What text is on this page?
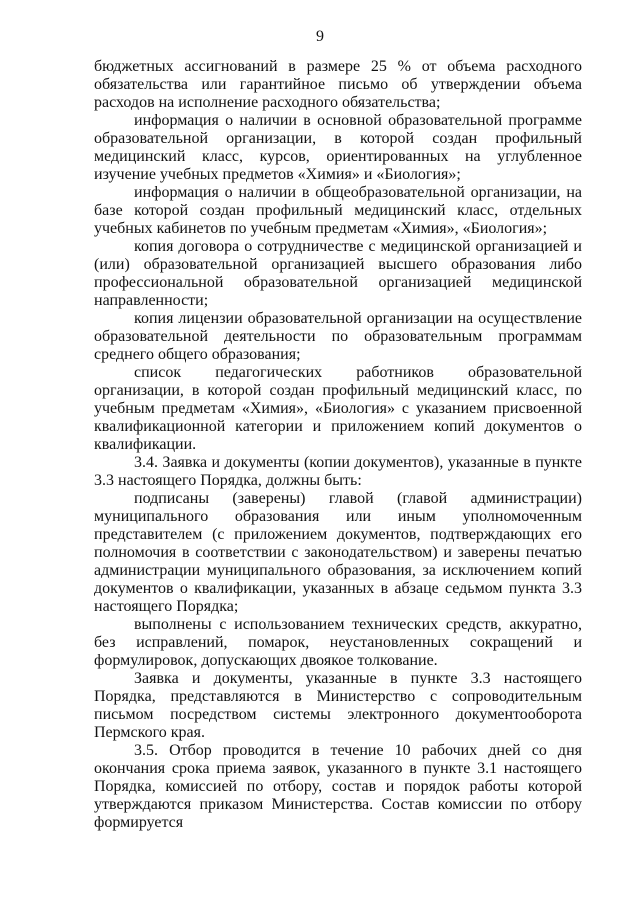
9

бюджетных ассигнований в размере 25 % от объема расходного обязательства или гарантийное письмо об утверждении объема расходов на исполнение расходного обязательства;

информация о наличии в основной образовательной программе образовательной организации, в которой создан профильный медицинский класс, курсов, ориентированных на углубленное изучение учебных предметов «Химия» и «Биология»;

информация о наличии в общеобразовательной организации, на базе которой создан профильный медицинский класс, отдельных учебных кабинетов по учебным предметам «Химия», «Биология»;

копия договора о сотрудничестве с медицинской организацией и (или) образовательной организацией высшего образования либо профессиональной образовательной организацией медицинской направленности;

копия лицензии образовательной организации на осуществление образовательной деятельности по образовательным программам среднего общего образования;

список педагогических работников образовательной организации, в которой создан профильный медицинский класс, по учебным предметам «Химия», «Биология» с указанием присвоенной квалификационной категории и приложением копий документов о квалификации.

3.4. Заявка и документы (копии документов), указанные в пункте 3.3 настоящего Порядка, должны быть:

подписаны (заверены) главой (главой администрации) муниципального образования или иным уполномоченным представителем (с приложением документов, подтверждающих его полномочия в соответствии с законодательством) и заверены печатью администрации муниципального образования, за исключением копий документов о квалификации, указанных в абзаце седьмом пункта 3.3 настоящего Порядка;

выполнены с использованием технических средств, аккуратно, без исправлений, помарок, неустановленных сокращений и формулировок, допускающих двоякое толкование.

Заявка и документы, указанные в пункте 3.3 настоящего Порядка, представляются в Министерство с сопроводительным письмом посредством системы электронного документооборота Пермского края.

3.5. Отбор проводится в течение 10 рабочих дней со дня окончания срока приема заявок, указанного в пункте 3.1 настоящего Порядка, комиссией по отбору, состав и порядок работы которой утверждаются приказом Министерства. Состав комиссии по отбору формируется
